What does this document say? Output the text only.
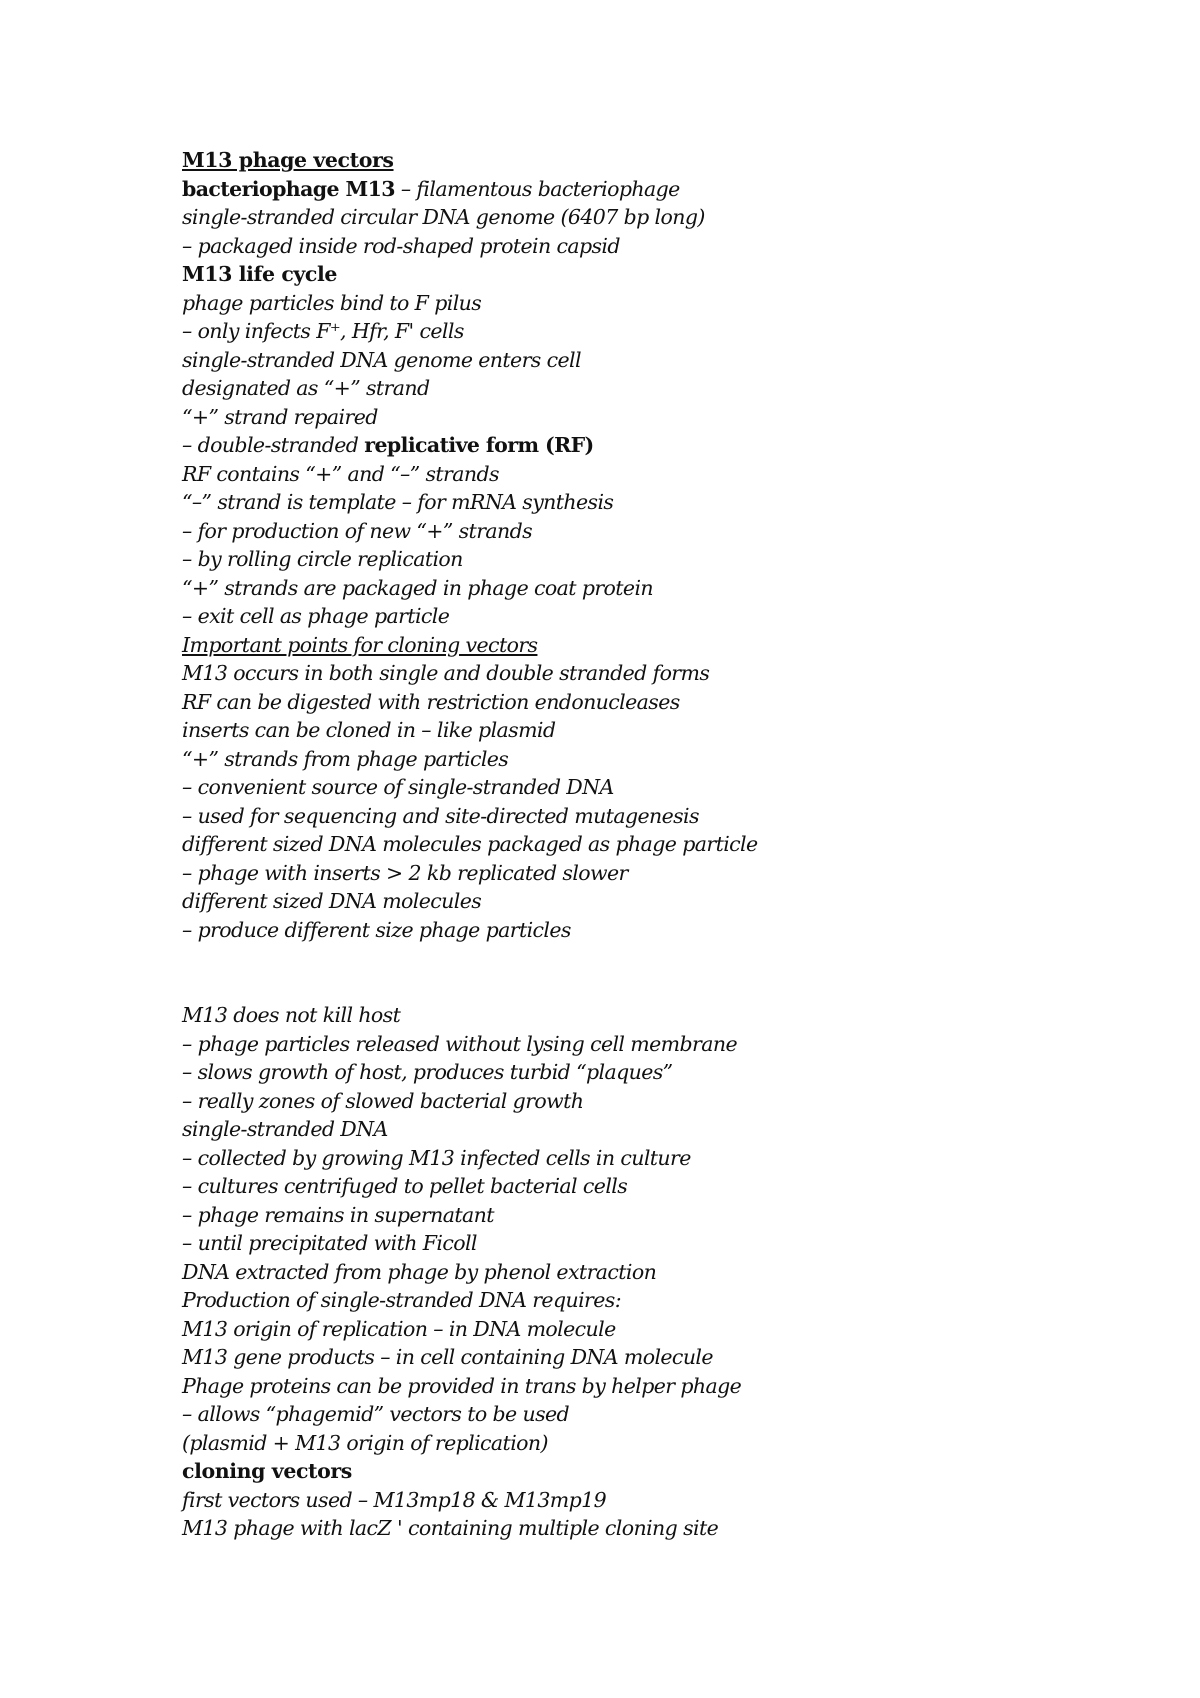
M13 phage vectors
bacteriophage M13 – filamentous bacteriophage
single-stranded circular DNA genome (6407 bp long)
– packaged inside rod-shaped protein capsid
M13 life cycle
phage particles bind to F pilus
– only infects F⁺, Hfr, F' cells
single-stranded DNA genome enters cell
designated as “+” strand
“+” strand repaired
– double-stranded replicative form (RF)
RF contains “+” and “–” strands
“–” strand is template – for mRNA synthesis
– for production of new “+” strands
– by rolling circle replication
“+” strands are packaged in phage coat protein
– exit cell as phage particle
Important points for cloning vectors
M13 occurs in both single and double stranded forms
RF can be digested with restriction endonucleases
inserts can be cloned in – like plasmid
“+” strands from phage particles
– convenient source of single-stranded DNA
– used for sequencing and site-directed mutagenesis
different sized DNA molecules packaged as phage particle
– phage with inserts > 2 kb replicated slower
different sized DNA molecules
– produce different size phage particles
M13 does not kill host
– phage particles released without lysing cell membrane
– slows growth of host, produces turbid “plaques”
– really zones of slowed bacterial growth
single-stranded DNA
– collected by growing M13 infected cells in culture
– cultures centrifuged to pellet bacterial cells
– phage remains in supernatant
– until precipitated with Ficoll
DNA extracted from phage by phenol extraction
Production of single-stranded DNA requires:
M13 origin of replication – in DNA molecule
M13 gene products – in cell containing DNA molecule
Phage proteins can be provided in trans by helper phage
– allows “phagemid” vectors to be used
(plasmid + M13 origin of replication)
cloning vectors
first vectors used – M13mp18 & M13mp19
M13 phage with lacZ ' containing multiple cloning site
